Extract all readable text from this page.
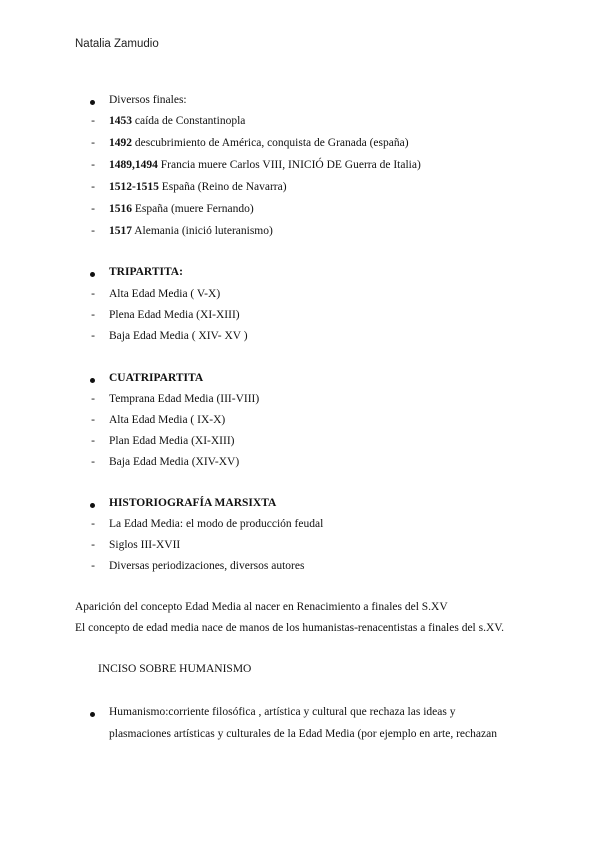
Natalia Zamudio
Diversos finales:
- 1453 caída de Constantinopla
- 1492 descubrimiento de América, conquista de Granada (españa)
- 1489,1494 Francia muere Carlos VIII, INICIÓ DE Guerra de Italia)
- 1512-1515 España (Reino de Navarra)
- 1516 España (muere Fernando)
- 1517 Alemania (inició luteranismo)
TRIPARTITA:
- Alta Edad Media ( V-X)
- Plena Edad Media (XI-XIII)
- Baja Edad Media ( XIV- XV )
CUATRIPARTITA
- Temprana Edad Media (III-VIII)
- Alta Edad Media ( IX-X)
- Plan Edad Media (XI-XIII)
- Baja Edad Media (XIV-XV)
HISTORIOGRAFÍA MARSIXTA
- La Edad Media: el modo de producción feudal
- Siglos III-XVII
- Diversas periodizaciones, diversos autores
Aparición del concepto Edad Media al nacer en Renacimiento a finales del S.XV
El concepto de edad media nace de manos de los humanistas-renacentistas a finales del s.XV.
INCISO SOBRE HUMANISMO
Humanismo:corriente filosófica , artística y cultural que rechaza las ideas y
plasmaciones artísticas y culturales de la Edad Media (por ejemplo en arte, rechazan
